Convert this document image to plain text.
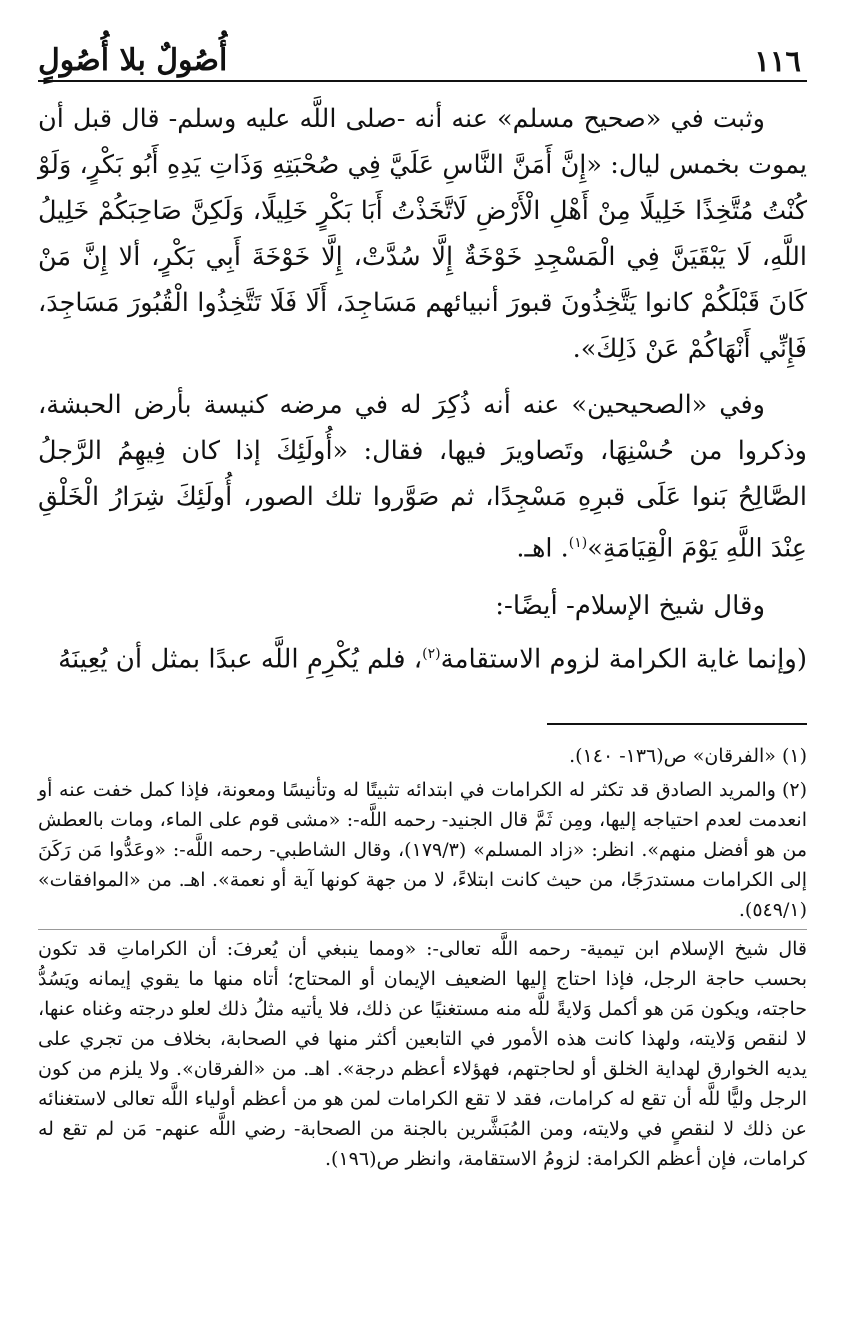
١١٦
أُصُولٌ بلا أُصُولٍ

وثبت في «صحيح مسلم» عنه أنه -صلى اللَّه عليه وسلم- قال قبل أن يموت بخمس ليال: «إِنَّ أَمَنَّ النَّاسِ عَلَيَّ فِي صُحْبَتِهِ وَذَاتِ يَدِهِ أَبُو بَكْرٍ، وَلَوْ كُنْتُ مُتَّخِذًا خَلِيلًا مِنْ أَهْلِ الْأَرْضِ لَاتَّخَذْتُ أَبَا بَكْرٍ خَلِيلًا، وَلَكِنَّ صَاحِبَكُمْ خَلِيلُ اللَّهِ، لَا يَبْقَيَنَّ فِي الْمَسْجِدِ خَوْخَةٌ إِلَّا سُدَّتْ، إِلَّا خَوْخَةَ أَبِي بَكْرٍ، ألا إِنَّ مَنْ كَانَ قَبْلَكُمْ كانوا يَتَّخِذُونَ قبورَ أنبيائهم مَسَاجِدَ، أَلَا فَلَا تَتَّخِذُوا الْقُبُورَ مَسَاجِدَ، فَإِنِّي أَنْهَاكُمْ عَنْ ذَلِكَ».

وفي «الصحيحين» عنه أنه ذُكِرَ له في مرضه كنيسة بأرض الحبشة، وذكروا من حُسْنِهَا، وتَصاويرَ فيها، فقال: «أُولَئِكَ إذا كان فِيهِمُ الرَّجلُ الصَّالِحُ بَنوا عَلَى قبرِهِ مَسْجِدًا، ثم صَوَّروا تلك الصور، أُولَئِكَ شِرَارُ الْخَلْقِ عِنْدَ اللَّهِ يَوْمَ الْقِيَامَةِ»$^{(١)}$. اهـ.

وقال شيخ الإسلام- أيضًا-:

(وإنما غاية الكرامة لزوم الاستقامة$^{(٢)}$، فلم يُكْرِمِ اللَّه عبدًا بمثل أن يُعِينَهُ

(١)«الفرقان» ص(١٣٦- ١٤٠).

(٢)والمريد الصادق قد تكثر له الكرامات في ابتدائه تثبيتًا له وتأنيسًا ومعونة، فإذا كمل خفت عنه أو انعدمت لعدم احتياجه إليها، ومِن ثَمَّ قال الجنيد- رحمه اللَّه-: «مشى قوم على الماء، ومات بالعطش من هو أفضل منهم». انظر: «زاد المسلم» (١٧٩/٣)، وقال الشاطبي- رحمه اللَّه-: «وعَدُّوا مَن رَكَنَ إلى الكرامات مستدرَجًا، من حيث كانت ابتلاءً، لا من جهة كونها آية أو نعمة». اهـ. من «الموافقات» (٥٤٩/١).

قال شيخ الإسلام ابن تيمية- رحمه اللَّه تعالى-: «ومما ينبغي أن يُعرفَ: أن الكراماتِ قد تكون بحسب حاجة الرجل، فإذا احتاج إليها الضعيف الإيمان أو المحتاج؛ أتاه منها ما يقوي إيمانه ويَسُدُّ حاجته، ويكون مَن هو أكمل وَلايةً للَّه منه مستغنيًا عن ذلك، فلا يأتيه مثلُ ذلك لعلو درجته وغناه عنها، لا لنقص وَلايته، ولهذا كانت هذه الأمور في التابعين أكثر منها في الصحابة، بخلاف من تجري على يديه الخوارق لهداية الخلق أو لحاجتهم، فهؤلاء أعظم درجة». اهـ. من «الفرقان». ولا يلزم من كون الرجل وليًّا للَّه أن تقع له كرامات، فقد لا تقع الكرامات لمن هو من أعظم أولياء اللَّه تعالى لاستغنائه عن ذلك لا لنقصٍ في ولايته، ومن المُبَشَّرين بالجنة من الصحابة- رضي اللَّه عنهم- مَن لم تقع له كرامات، فإن أعظم الكرامة: لزومُ الاستقامة، وانظر ص(١٩٦).
